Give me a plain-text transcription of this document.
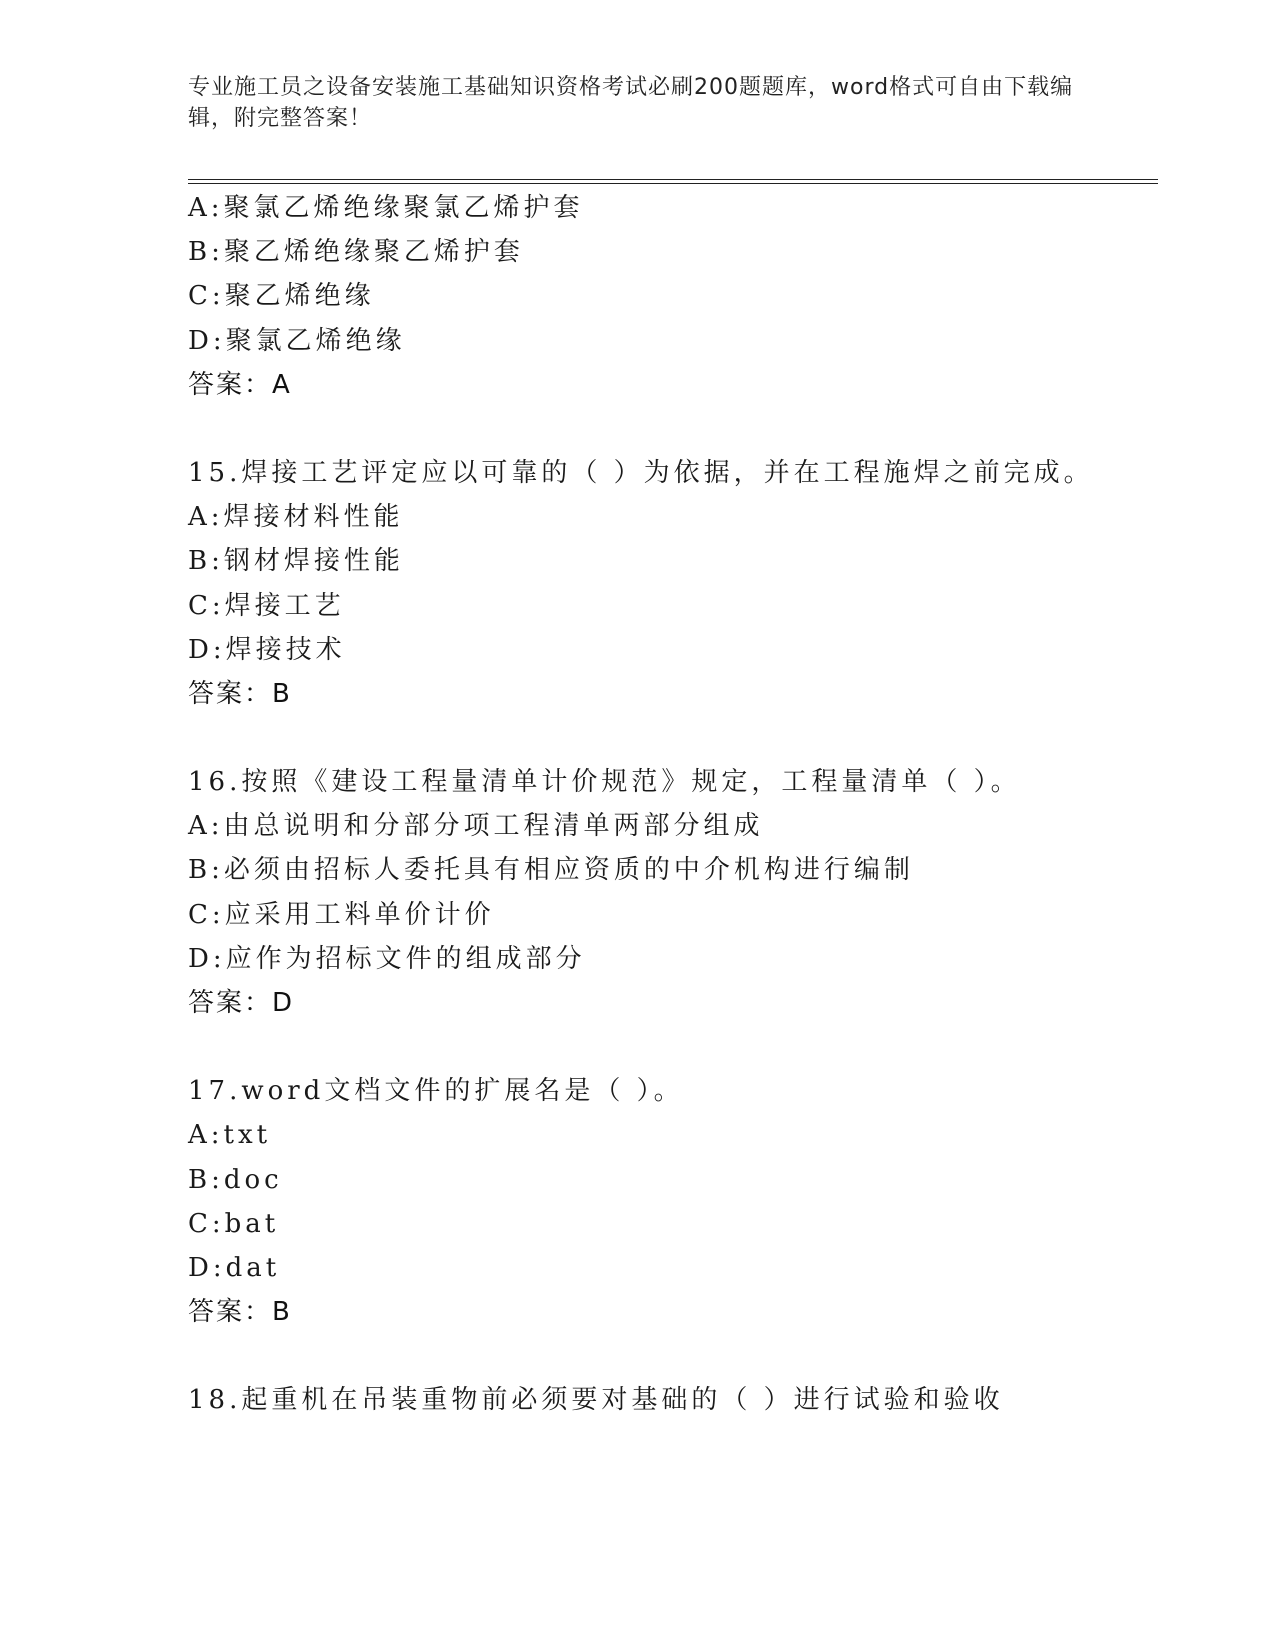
专业施工员之设备安装施工基础知识资格考试必刷200题题库，word格式可自由下载编辑，附完整答案！
A:聚氯乙烯绝缘聚氯乙烯护套
B:聚乙烯绝缘聚乙烯护套
C:聚乙烯绝缘
D:聚氯乙烯绝缘
答案：A
15.焊接工艺评定应以可靠的（ ）为依据，并在工程施焊之前完成。
A:焊接材料性能
B:钢材焊接性能
C:焊接工艺
D:焊接技术
答案：B
16.按照《建设工程量清单计价规范》规定，工程量清单（ ）。
A:由总说明和分部分项工程清单两部分组成
B:必须由招标人委托具有相应资质的中介机构进行编制
C:应采用工料单价计价
D:应作为招标文件的组成部分
答案：D
17.word文档文件的扩展名是（ ）。
A:txt
B:doc
C:bat
D:dat
答案：B
18.起重机在吊装重物前必须要对基础的（ ）进行试验和验收
